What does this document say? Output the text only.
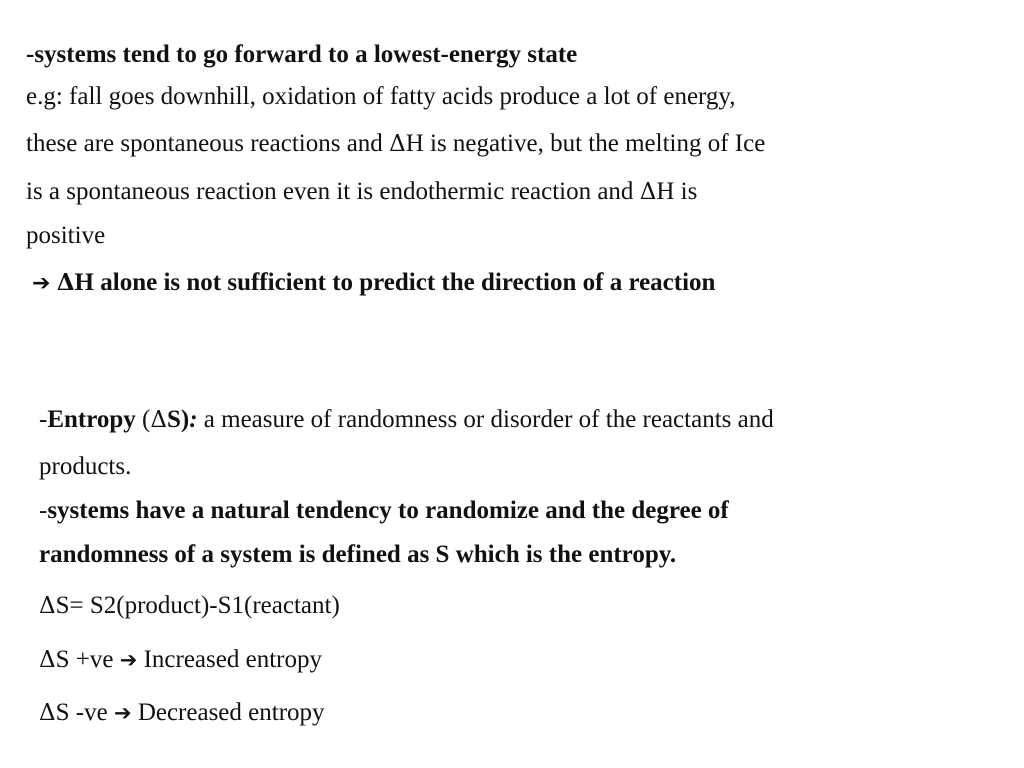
-systems tend to go forward to a lowest-energy state
e.g: fall goes downhill, oxidation of fatty acids produce a lot of energy,
these are spontaneous reactions and ΔH is negative, but the melting of Ice
is a spontaneous reaction even it is endothermic reaction and ΔH is
positive
➔ ΔH alone is not sufficient to predict the direction of a reaction
-Entropy (ΔS): a measure of randomness or disorder of the reactants and
products.
-systems have a natural tendency to randomize and the degree of
randomness of a system is defined as S which is the entropy.
ΔS= S2(product)-S1(reactant)
ΔS +ve ➔ Increased entropy
ΔS -ve ➔ Decreased entropy
